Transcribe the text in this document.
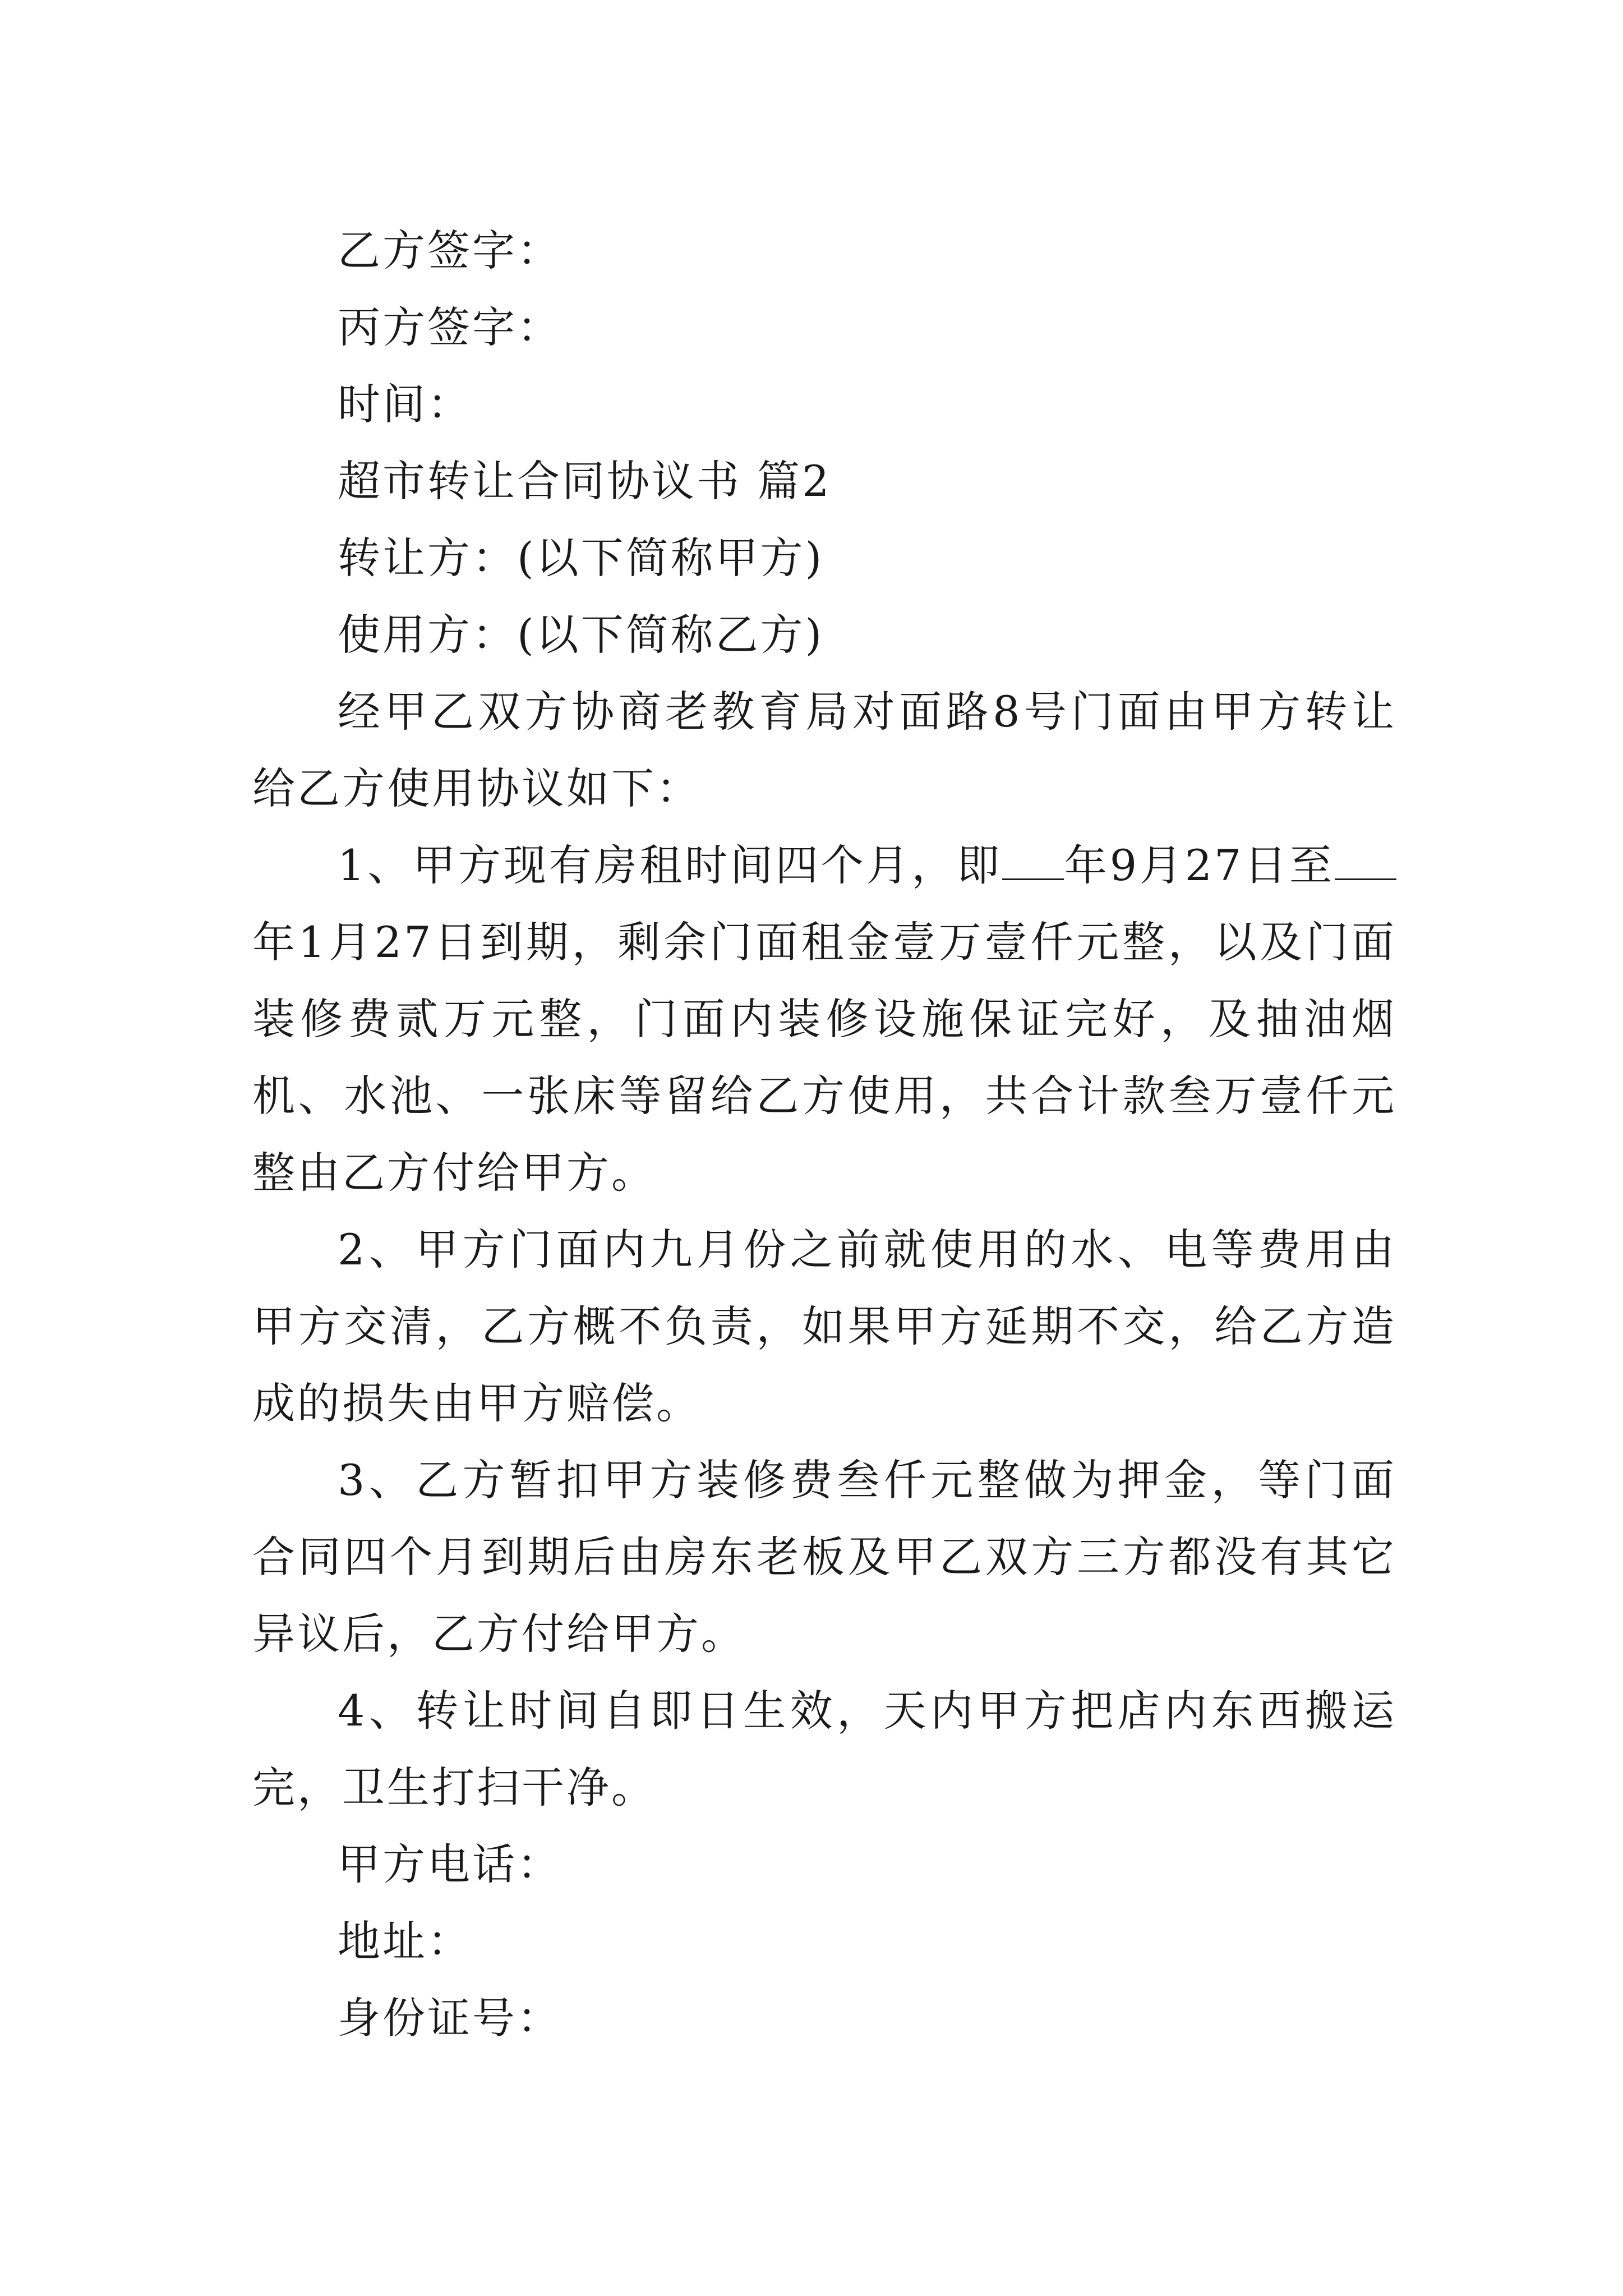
乙方签字：
丙方签字：
时间：
超市转让合同协议书 篇2
转让方：(以下简称甲方)
使用方：(以下简称乙方)

经甲乙双方协商老教育局对面路8号门面由甲方转让给乙方使用协议如下：

1、甲方现有房租时间四个月，即 年9月27日至年1月27日到期，剩余门面租金壹万壹仟元整，以及门面装修费贰万元整，门面内装修设施保证完好，及抽油烟机、水池、一张床等留给乙方使用，共合计款叁万壹仟元整由乙方付给甲方。

2、甲方门面内九月份之前就使用的水、电等费用由甲方交清，乙方概不负责，如果甲方延期不交，给乙方造成的损失由甲方赔偿。

3、乙方暂扣甲方装修费叁仟元整做为押金，等门面合同四个月到期后由房东老板及甲乙双方三方都没有其它异议后，乙方付给甲方。

4、转让时间自即日生效，天内甲方把店内东西搬运完，卫生打扫干净。

甲方电话：
地址：
身份证号：
